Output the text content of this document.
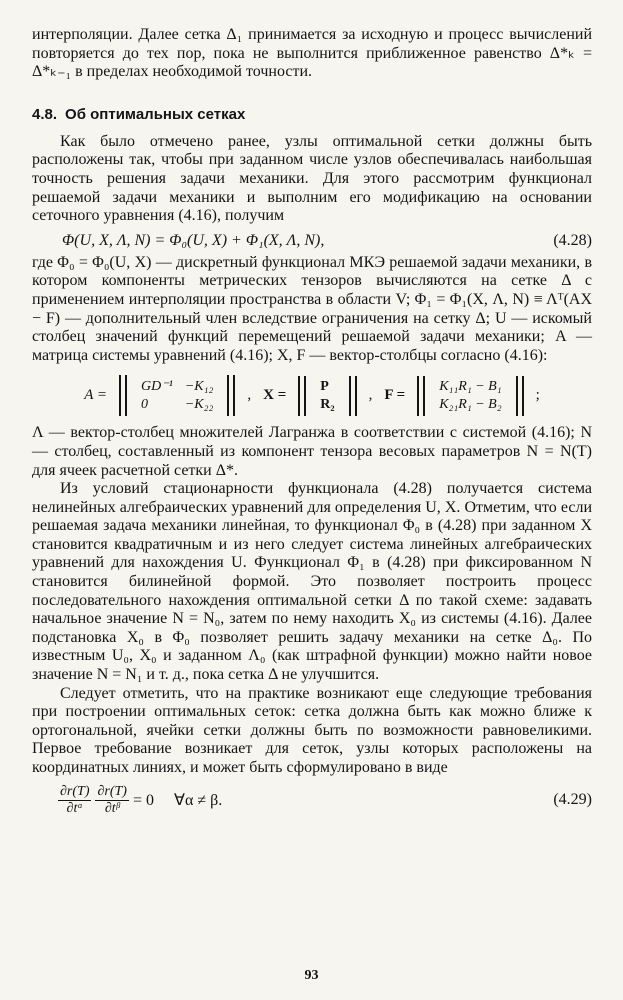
интерполяции. Далее сетка Δ₁ принимается за исходную и процесс вычислений повторяется до тех пор, пока не выполнится приближенное равенство Δ*ₖ = Δ*ₖ₋₁ в пределах необходимой точности.

4.8. Об оптимальных сетках

Как было отмечено ранее, узлы оптимальной сетки должны быть расположены так, чтобы при заданном числе узлов обеспечивалась наибольшая точность решения задачи механики. Для этого рассмотрим функционал решаемой задачи механики и выполним его модификацию на основании сеточного уравнения (4.16), получим

Φ(U, X, Λ, N) = Φ₀(U, X) + Φ₁(X, Λ, N),	(4.28)

где Φ₀ = Φ₀(U, X) — дискретный функционал МКЭ решаемой задачи механики, в котором компоненты метрических тензоров вычисляются на сетке Δ с применением интерполяции пространства в области V; Φ₁ = Φ₁(X, Λ, N) ≡ Λᵀ(AX − F) — дополнительный член вследствие ограничения на сетку Δ; U — искомый столбец значений функций перемещений решаемой задачи механики; A — матрица системы уравнений (4.16); X, F — вектор-столбцы согласно (4.16):

A =
GD⁻¹	−K₁₂
0	−K₂₂
, X =
P
R₂
, F =
K₁₁R₁ − B₁
K₂₁R₁ − B₂
;

Λ — вектор-столбец множителей Лагранжа в соответствии с системой (4.16); N — столбец, составленный из компонент тензора весовых параметров N = N(T) для ячеек расчетной сетки Δ*.

Из условий стационарности функционала (4.28) получается система нелинейных алгебраических уравнений для определения U, X. Отметим, что если решаемая задача механики линейная, то функционал Φ₀ в (4.28) при заданном X становится квадратичным и из него следует система линейных алгебраических уравнений для нахождения U. Функционал Φ₁ в (4.28) при фиксированном N становится билинейной формой. Это позволяет построить процесс последовательного нахождения оптимальной сетки Δ по такой схеме: задавать начальное значение N = N₀, затем по нему находить X₀ из системы (4.16). Далее подстановка X₀ в Φ₀ позволяет решить задачу механики на сетке Δ₀. По известным U₀, X₀ и заданном Λ₀ (как штрафной функции) можно найти новое значение N = N₁ и т. д., пока сетка Δ не улучшится.

Следует отметить, что на практике возникают еще следующие требования при построении оптимальных сеток: сетка должна быть как можно ближе к ортогональной, ячейки сетки должны быть по возможности равновеликими. Первое требование возникает для сеток, узлы которых расположены на координатных линиях, и может быть сформулировано в виде

$\frac{\partial r(T)}{\text{∂tᵅ}} \frac{\partial r(T)}{\text{∂tᵝ}} = 0$     ∀α ≠ β.	(4.29)
93
